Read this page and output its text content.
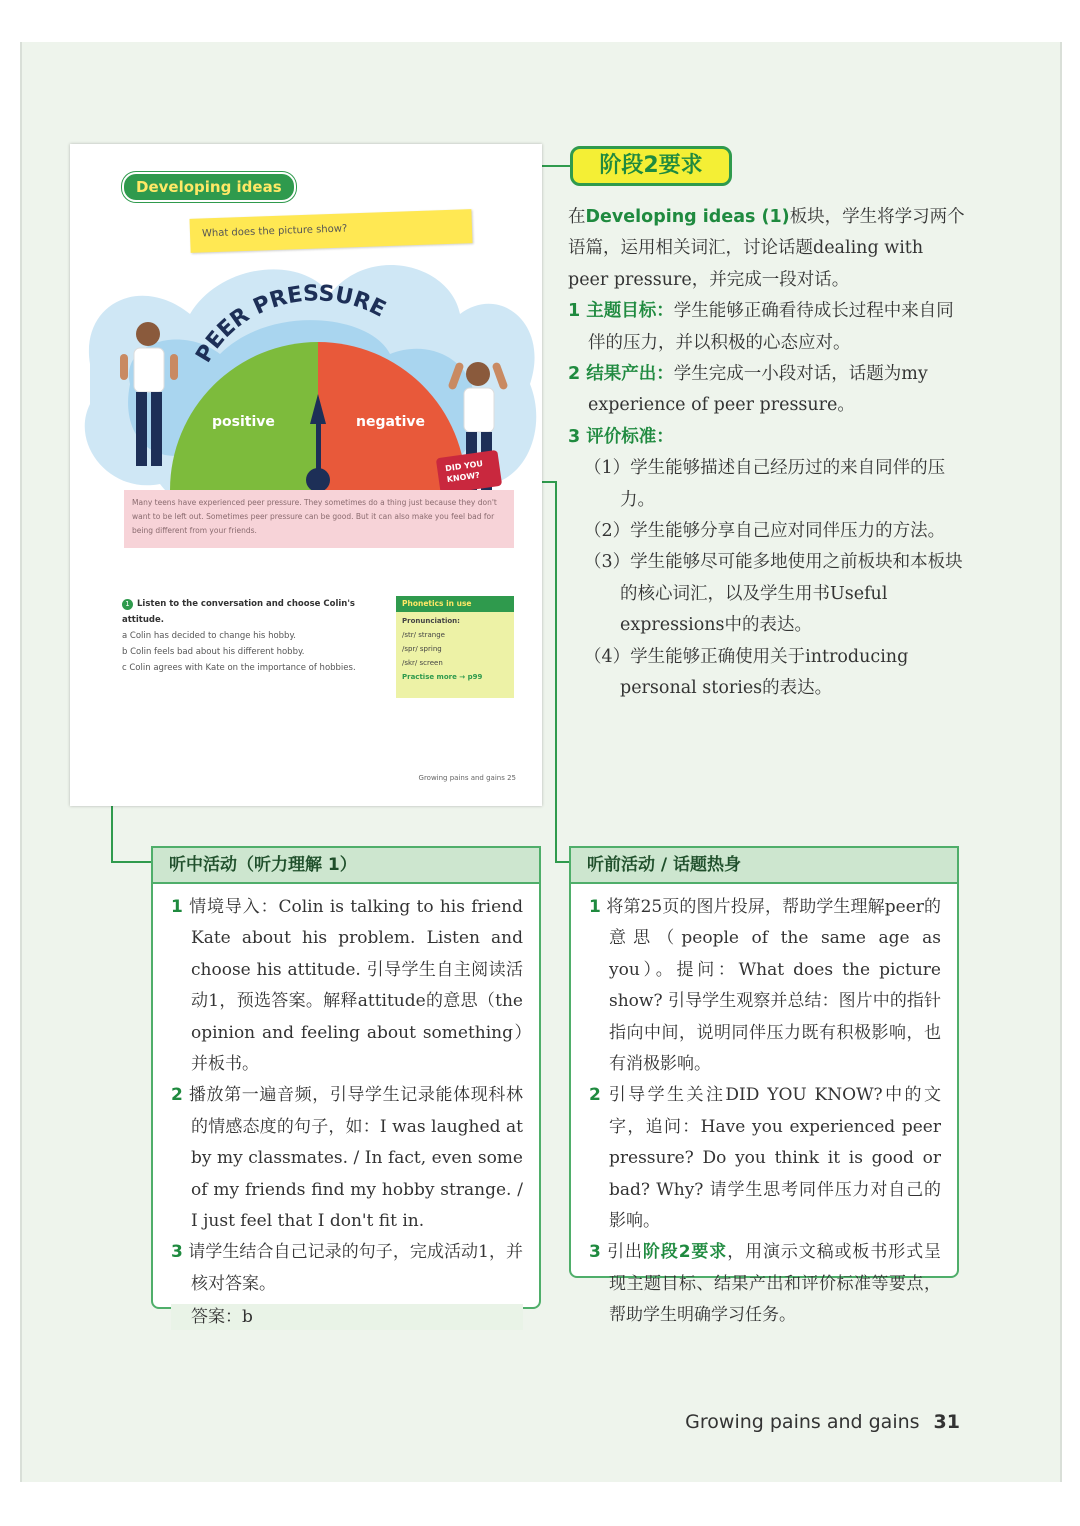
PEER PRESSURE
positive	negative
Developing ideas
What does the picture show?
DID YOU
KNOW?
Many teens have experienced peer pressure. They sometimes do a thing just because they don't want to be left out. Sometimes peer pressure can be good. But it can also make you feel bad for being different from your friends.
1 Listen to the conversation and choose Colin's attitude.
a Colin has decided to change his hobby.
b Colin feels bad about his different hobby.
c Colin agrees with Kate on the importance of hobbies.
Phonetics in use
Pronunciation:
/str/ strange
/spr/ spring
/skr/ screen
Practise more → p99
Growing pains and gains 25
阶段2要求

在Developing ideas (1)板块，学生将学习两个语篇，运用相关词汇，讨论话题dealing with peer pressure，并完成一段对话。

1 主题目标：学生能够正确看待成长过程中来自同伴的压力，并以积极的心态应对。

2 结果产出：学生完成一小段对话，话题为my experience of peer pressure。

3 评价标准：

（1）学生能够描述自己经历过的来自同伴的压力。

（2）学生能够分享自己应对同伴压力的方法。

（3）学生能够尽可能多地使用之前板块和本板块的核心词汇，以及学生用书Useful expressions中的表达。

（4）学生能够正确使用关于introducing personal stories的表达。

听中活动（听力理解 1）

1 情境导入：Colin is talking to his friend Kate about his problem. Listen and choose his attitude. 引导学生自主阅读活动1，预选答案。解释attitude的意思（the opinion and feeling about something）并板书。

2 播放第一遍音频，引导学生记录能体现科林的情感态度的句子，如：I was laughed at by my classmates. / In fact, even some of my friends find my hobby strange. / I just feel that I don't fit in.

3 请学生结合自己记录的句子，完成活动1，并核对答案。

答案：b
听前活动 / 话题热身

1 将第25页的图片投屏，帮助学生理解peer的意思（people of the same age as you）。提问：What does the picture show? 引导学生观察并总结：图片中的指针指向中间，说明同伴压力既有积极影响，也有消极影响。

2 引导学生关注DID YOU KNOW?中的文字，追问：Have you experienced peer pressure? Do you think it is good or bad? Why? 请学生思考同伴压力对自己的影响。

3 引出阶段2要求，用演示文稿或板书形式呈现主题目标、结果产出和评价标准等要点，帮助学生明确学习任务。

Growing pains and gains 31
